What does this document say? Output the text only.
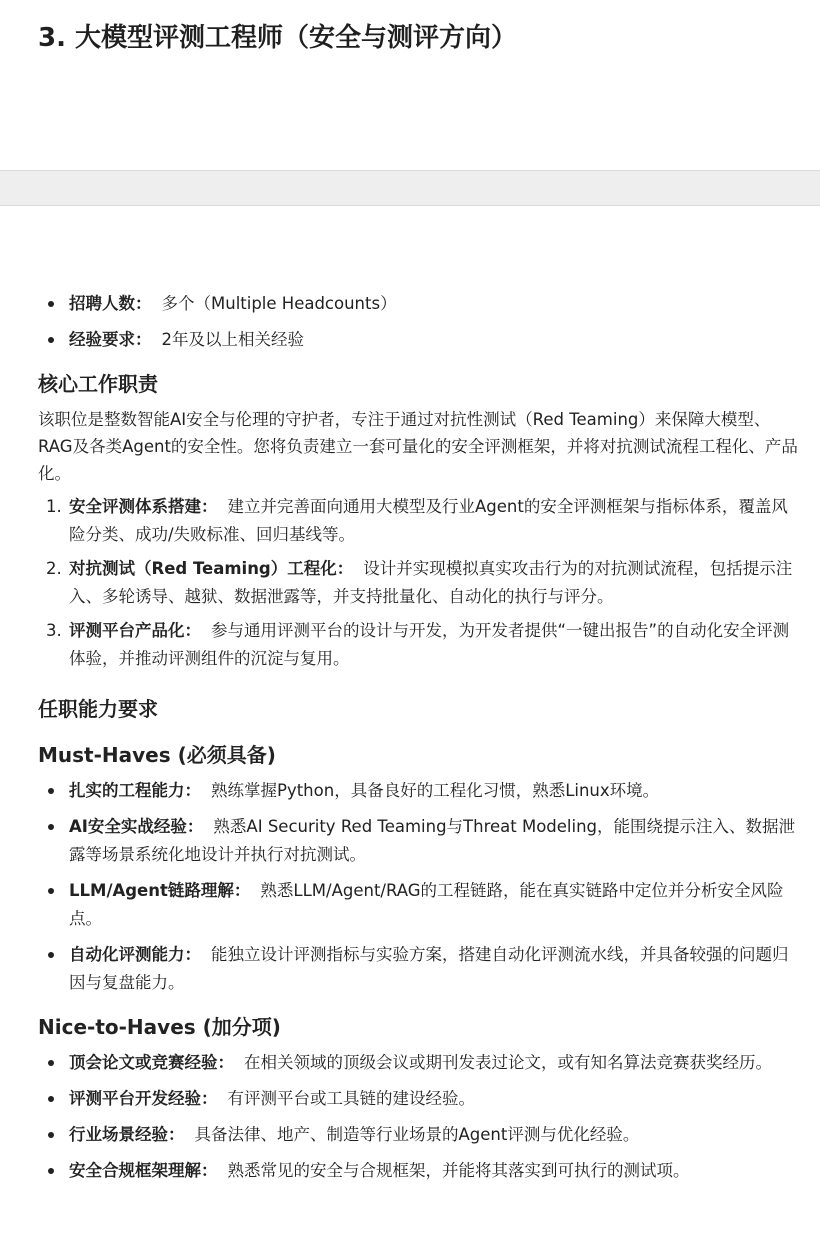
3. 大模型评测工程师（安全与测评方向）
招聘人数： 多个（Multiple Headcounts）
经验要求： 2年及以上相关经验
核心工作职责

该职位是整数智能AI安全与伦理的守护者，专注于通过对抗性测试（Red Teaming）来保障大模型、RAG及各类Agent的安全性。您将负责建立一套可量化的安全评测框架，并将对抗测试流程工程化、产品化。

1. 安全评测体系搭建： 建立并完善面向通用大模型及行业Agent的安全评测框架与指标体系，覆盖风险分类、成功/失败标准、回归基线等。
2. 对抗测试（Red Teaming）工程化： 设计并实现模拟真实攻击行为的对抗测试流程，包括提示注入、多轮诱导、越狱、数据泄露等，并支持批量化、自动化的执行与评分。
3. 评测平台产品化： 参与通用评测平台的设计与开发，为开发者提供“一键出报告”的自动化安全评测体验，并推动评测组件的沉淀与复用。
任职能力要求
Must-Haves (必须具备)
扎实的工程能力： 熟练掌握Python，具备良好的工程化习惯，熟悉Linux环境。
AI安全实战经验： 熟悉AI Security Red Teaming与Threat Modeling，能围绕提示注入、数据泄露等场景系统化地设计并执行对抗测试。
LLM/Agent链路理解： 熟悉LLM/Agent/RAG的工程链路，能在真实链路中定位并分析安全风险点。
自动化评测能力： 能独立设计评测指标与实验方案，搭建自动化评测流水线，并具备较强的问题归因与复盘能力。
Nice-to-Haves (加分项)
顶会论文或竞赛经验： 在相关领域的顶级会议或期刊发表过论文，或有知名算法竞赛获奖经历。
评测平台开发经验： 有评测平台或工具链的建设经验。
行业场景经验： 具备法律、地产、制造等行业场景的Agent评测与优化经验。
安全合规框架理解： 熟悉常见的安全与合规框架，并能将其落实到可执行的测试项。
